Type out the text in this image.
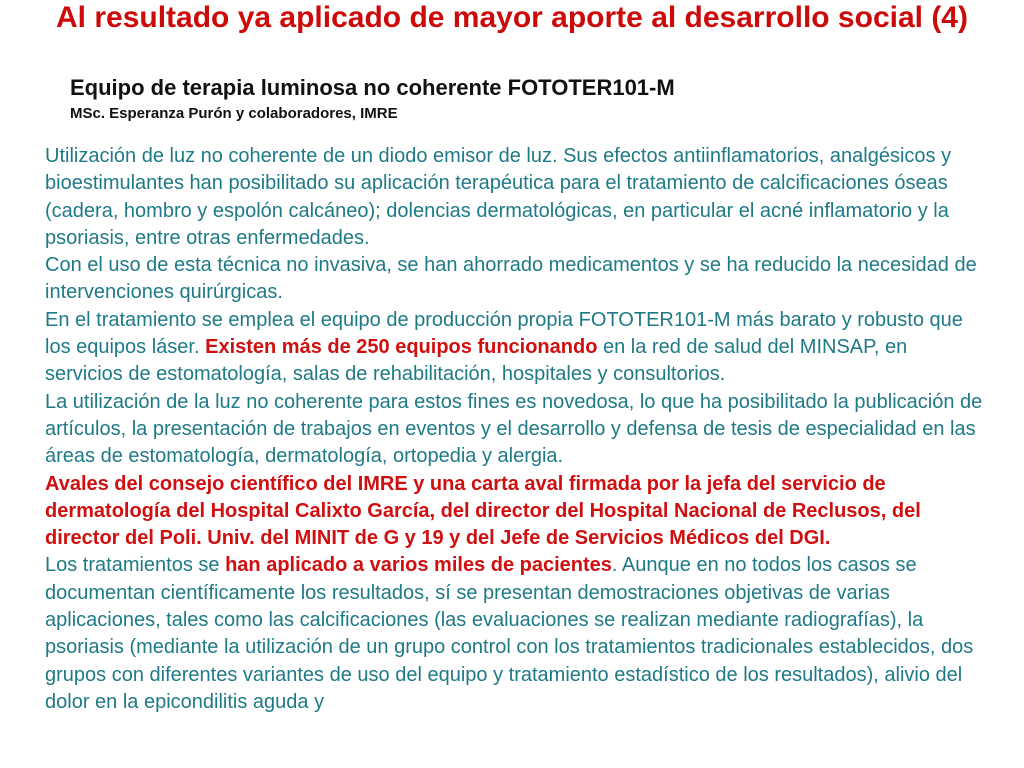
Al resultado ya aplicado de mayor aporte al desarrollo social (4)
Equipo de terapia luminosa no coherente FOTOTER101-M
MSc. Esperanza Purón y colaboradores, IMRE

Utilización de luz no coherente de un diodo emisor de luz. Sus efectos antiinflamatorios, analgésicos y bioestimulantes han posibilitado su aplicación terapéutica para el tratamiento de calcificaciones óseas (cadera, hombro y espolón calcáneo); dolencias dermatológicas, en particular el acné inflamatorio y la psoriasis, entre otras enfermedades.

Con el uso de esta técnica no invasiva, se han ahorrado medicamentos y se ha reducido la necesidad de intervenciones quirúrgicas.

En el tratamiento se emplea el equipo de producción propia FOTOTER101-M más barato y robusto que los equipos láser. Existen más de 250 equipos funcionando en la red de salud del MINSAP, en servicios de estomatología, salas de rehabilitación, hospitales y consultorios.

La utilización de la luz no coherente para estos fines es novedosa, lo que ha posibilitado la publicación de artículos, la presentación de trabajos en eventos y el desarrollo y defensa de tesis de especialidad en las áreas de estomatología, dermatología, ortopedia y alergia.

Avales del consejo científico del IMRE y una carta aval firmada por la jefa del servicio de dermatología del Hospital Calixto García, del director del Hospital Nacional de Reclusos, del director del Poli. Univ. del MINIT de G y 19 y del Jefe de Servicios Médicos del DGI.

Los tratamientos se han aplicado a varios miles de pacientes. Aunque en no todos los casos se documentan científicamente los resultados, sí se presentan demostraciones objetivas de varias aplicaciones, tales como las calcificaciones (las evaluaciones se realizan mediante radiografías), la psoriasis (mediante la utilización de un grupo control con los tratamientos tradicionales establecidos, dos grupos con diferentes variantes de uso del equipo y tratamiento estadístico de los resultados), alivio del dolor en la epicondilitis aguda y
